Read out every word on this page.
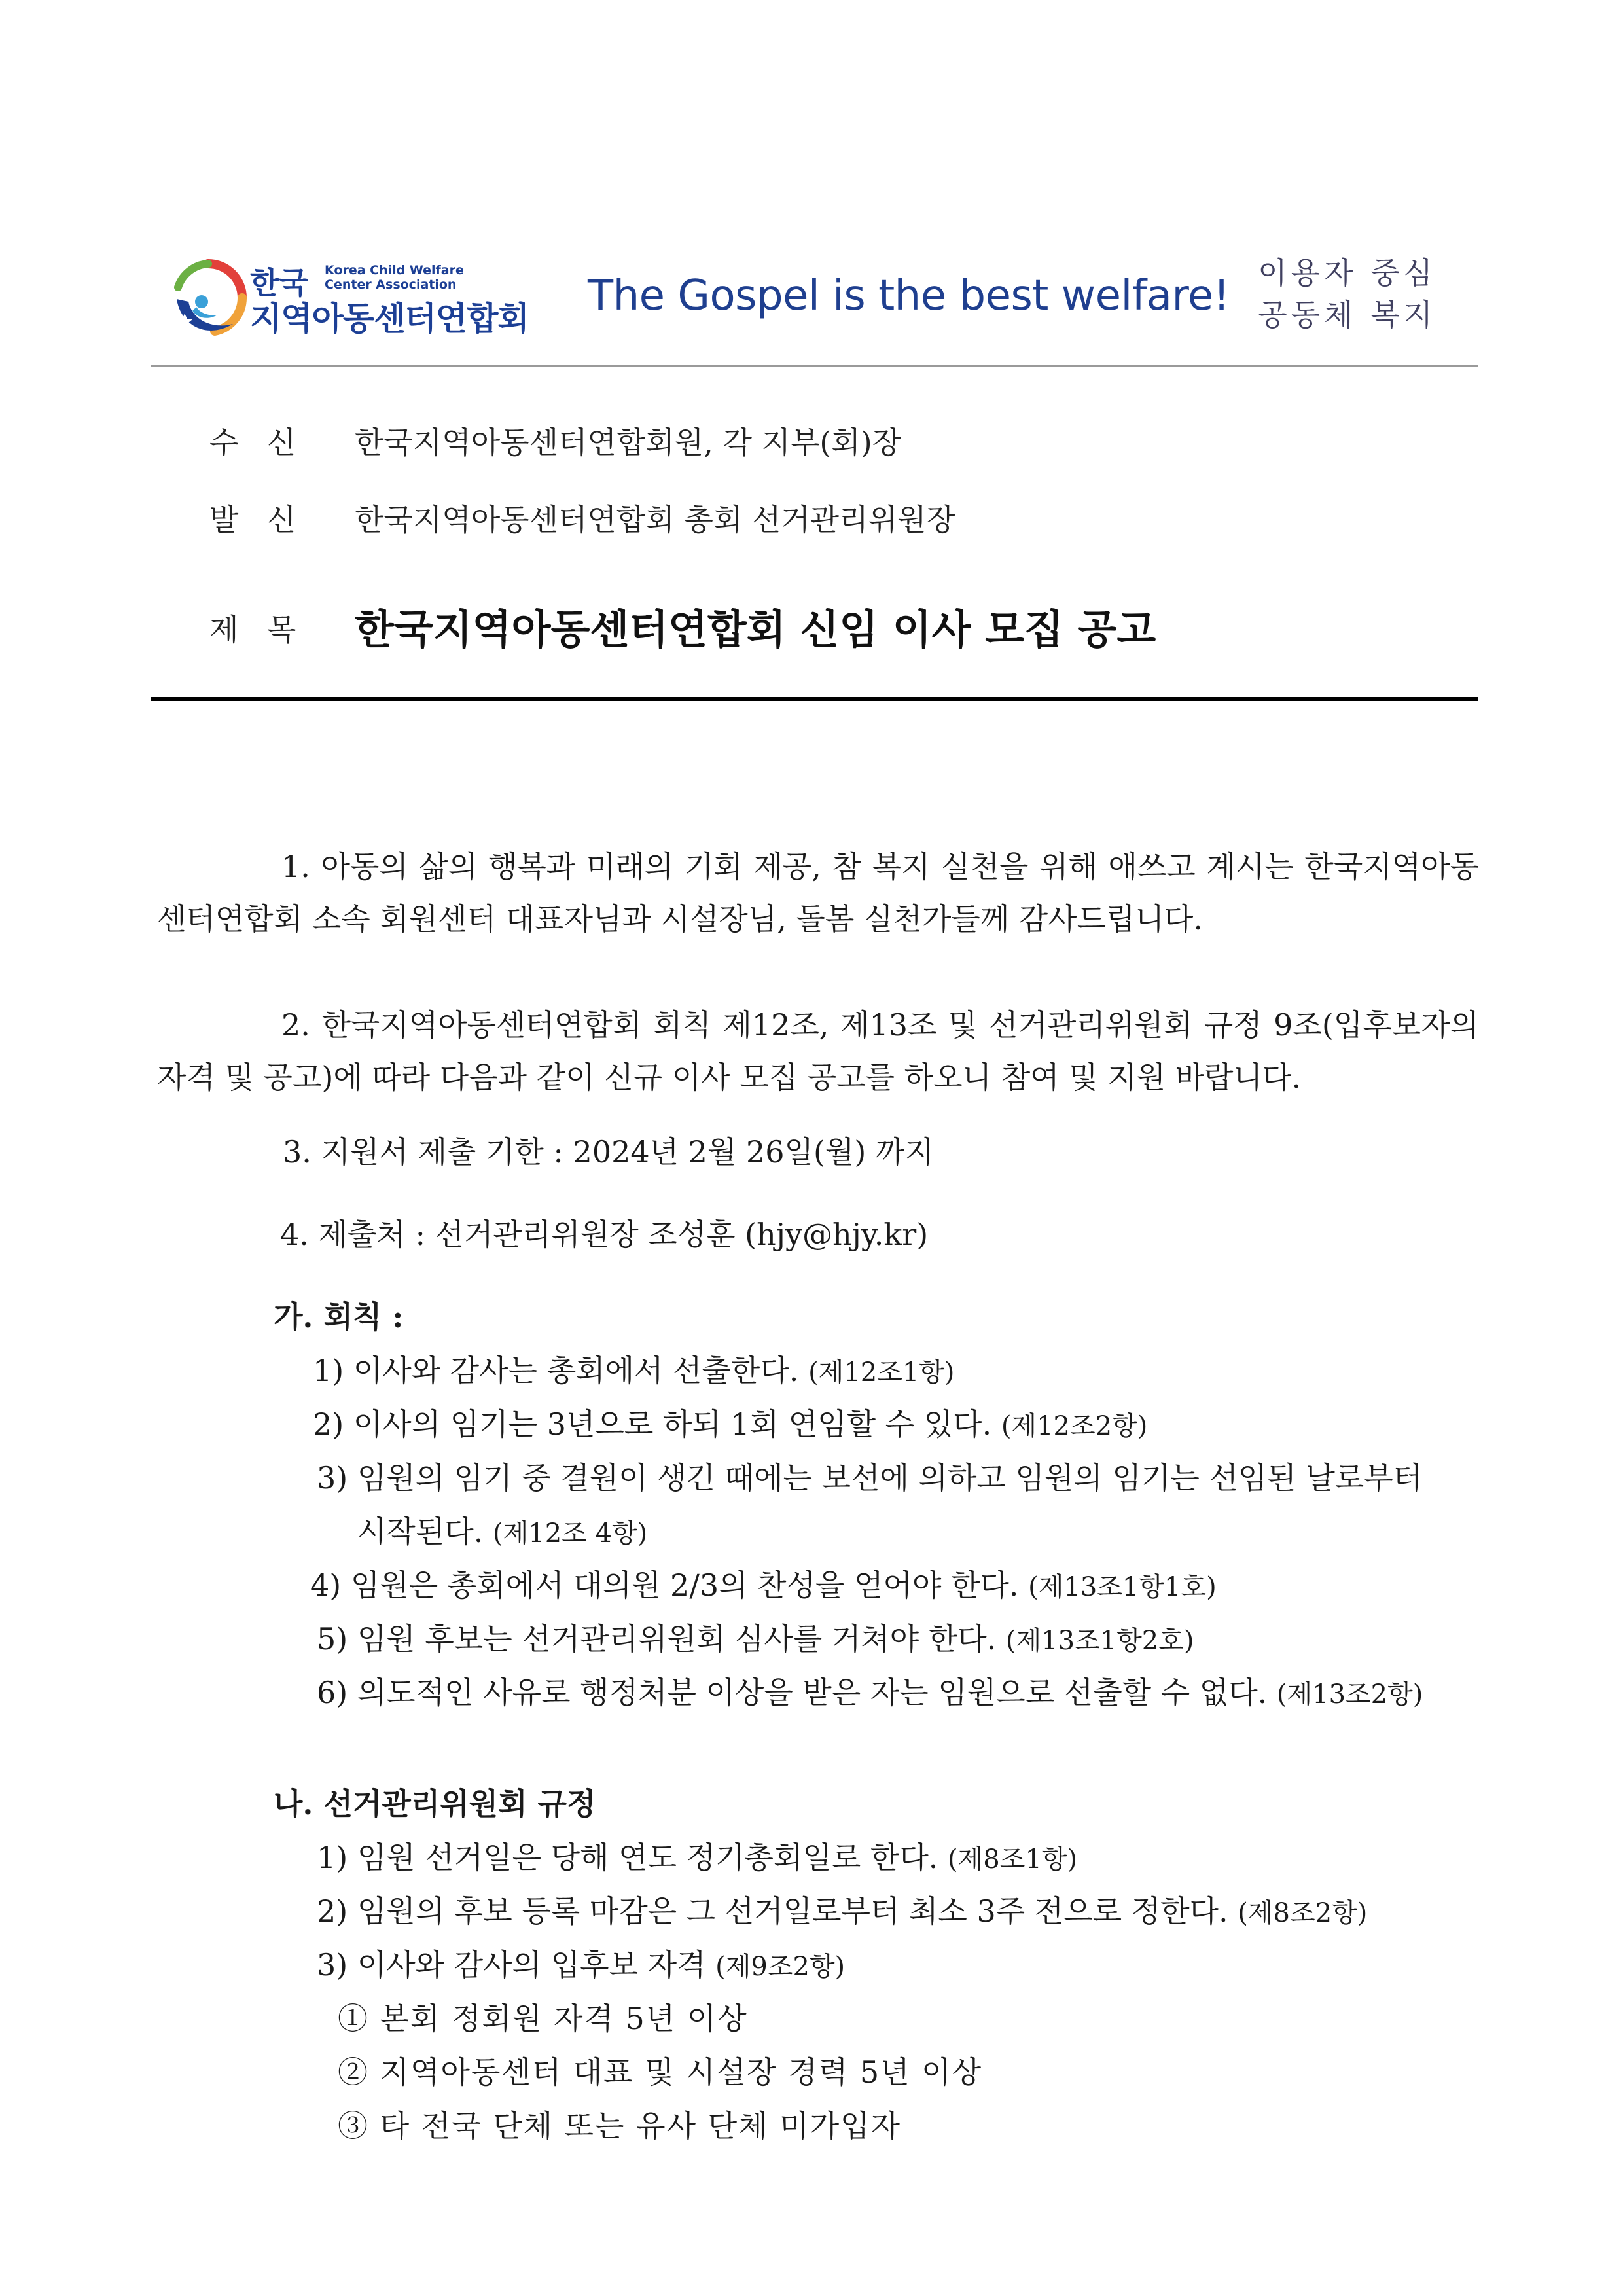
한국 Korea Child Welfare
Center Association
지역아동센터연합회 The Gospel is the best welfare! 이용자 중심
공동체 복지
수 신	한국지역아동센터연합회원, 각 지부(회)장
발 신	한국지역아동센터연합회 총회 선거관리위원장
제 목	한국지역아동센터연합회 신임 이사 모집 공고
1. 아동의 삶의 행복과 미래의 기회 제공, 참 복지 실천을 위해 애쓰고 계시는 한국지역아동센터연합회 소속 회원센터 대표자님과 시설장님, 돌봄 실천가들께 감사드립니다.
2. 한국지역아동센터연합회 회칙 제12조, 제13조 및 선거관리위원회 규정 9조(입후보자의 자격 및 공고)에 따라 다음과 같이 신규 이사 모집 공고를 하오니 참여 및 지원 바랍니다.
3. 지원서 제출 기한 : 2024년 2월 26일(월) 까지
4. 제출처 : 선거관리위원장 조성훈 (hjy@hjy.kr)
가. 회칙 :
1) 이사와 감사는 총회에서 선출한다. (제12조1항)
2) 이사의 임기는 3년으로 하되 1회 연임할 수 있다. (제12조2항)
3) 임원의 임기 중 결원이 생긴 때에는 보선에 의하고 임원의 임기는 선임된 날로부터
시작된다. (제12조 4항)
4) 임원은 총회에서 대의원 2/3의 찬성을 얻어야 한다. (제13조1항1호)
5) 임원 후보는 선거관리위원회 심사를 거쳐야 한다. (제13조1항2호)
6) 의도적인 사유로 행정처분 이상을 받은 자는 임원으로 선출할 수 없다. (제13조2항)
나. 선거관리위원회 규정
1) 임원 선거일은 당해 연도 정기총회일로 한다. (제8조1항)
2) 임원의 후보 등록 마감은 그 선거일로부터 최소 3주 전으로 정한다. (제8조2항)
3) 이사와 감사의 입후보 자격 (제9조2항)
① 본회 정회원 자격 5년 이상
② 지역아동센터 대표 및 시설장 경력 5년 이상
③ 타 전국 단체 또는 유사 단체 미가입자
